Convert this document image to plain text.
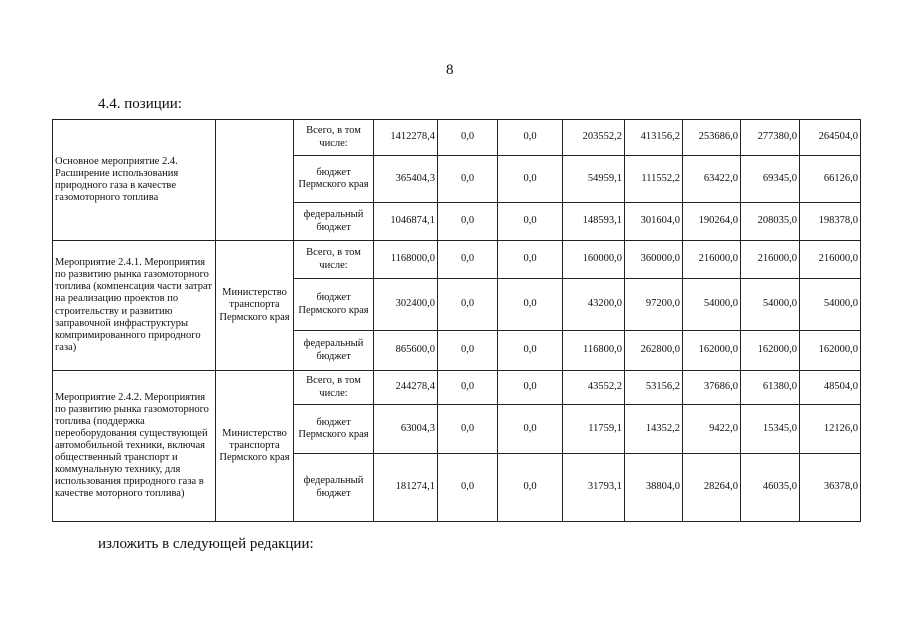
8
4.4. позиции:
Основное мероприятие 2.4. Расширение использования природного газа в качестве газомоторного топлива		Всего, в том числе:	1412278,4	0,0	0,0	203552,2	413156,2	253686,0	277380,0	264504,0
		бюджет Пермского края	365404,3	0,0	0,0	54959,1	111552,2	63422,0	69345,0	66126,0
		федеральный бюджет	1046874,1	0,0	0,0	148593,1	301604,0	190264,0	208035,0	198378,0
Мероприятие 2.4.1. Мероприятия по развитию рынка газомоторного топлива (компенсация части затрат на реализацию проектов по строительству и развитию заправочной инфраструктуры компримированного природного газа)	Министерство транспорта Пермского края	Всего, в том числе:	1168000,0	0,0	0,0	160000,0	360000,0	216000,0	216000,0	216000,0
		бюджет Пермского края	302400,0	0,0	0,0	43200,0	97200,0	54000,0	54000,0	54000,0
		федеральный бюджет	865600,0	0,0	0,0	116800,0	262800,0	162000,0	162000,0	162000,0
Мероприятие 2.4.2. Мероприятия по развитию рынка газомоторного топлива (поддержка переоборудования существующей автомобильной техники, включая общественный транспорт и коммунальную технику, для использования природного газа в качестве моторного топлива)	Министерство транспорта Пермского края	Всего, в том числе:	244278,4	0,0	0,0	43552,2	53156,2	37686,0	61380,0	48504,0
		бюджет Пермского края	63004,3	0,0	0,0	11759,1	14352,2	9422,0	15345,0	12126,0
		федеральный бюджет	181274,1	0,0	0,0	31793,1	38804,0	28264,0	46035,0	36378,0
изложить в следующей редакции:
